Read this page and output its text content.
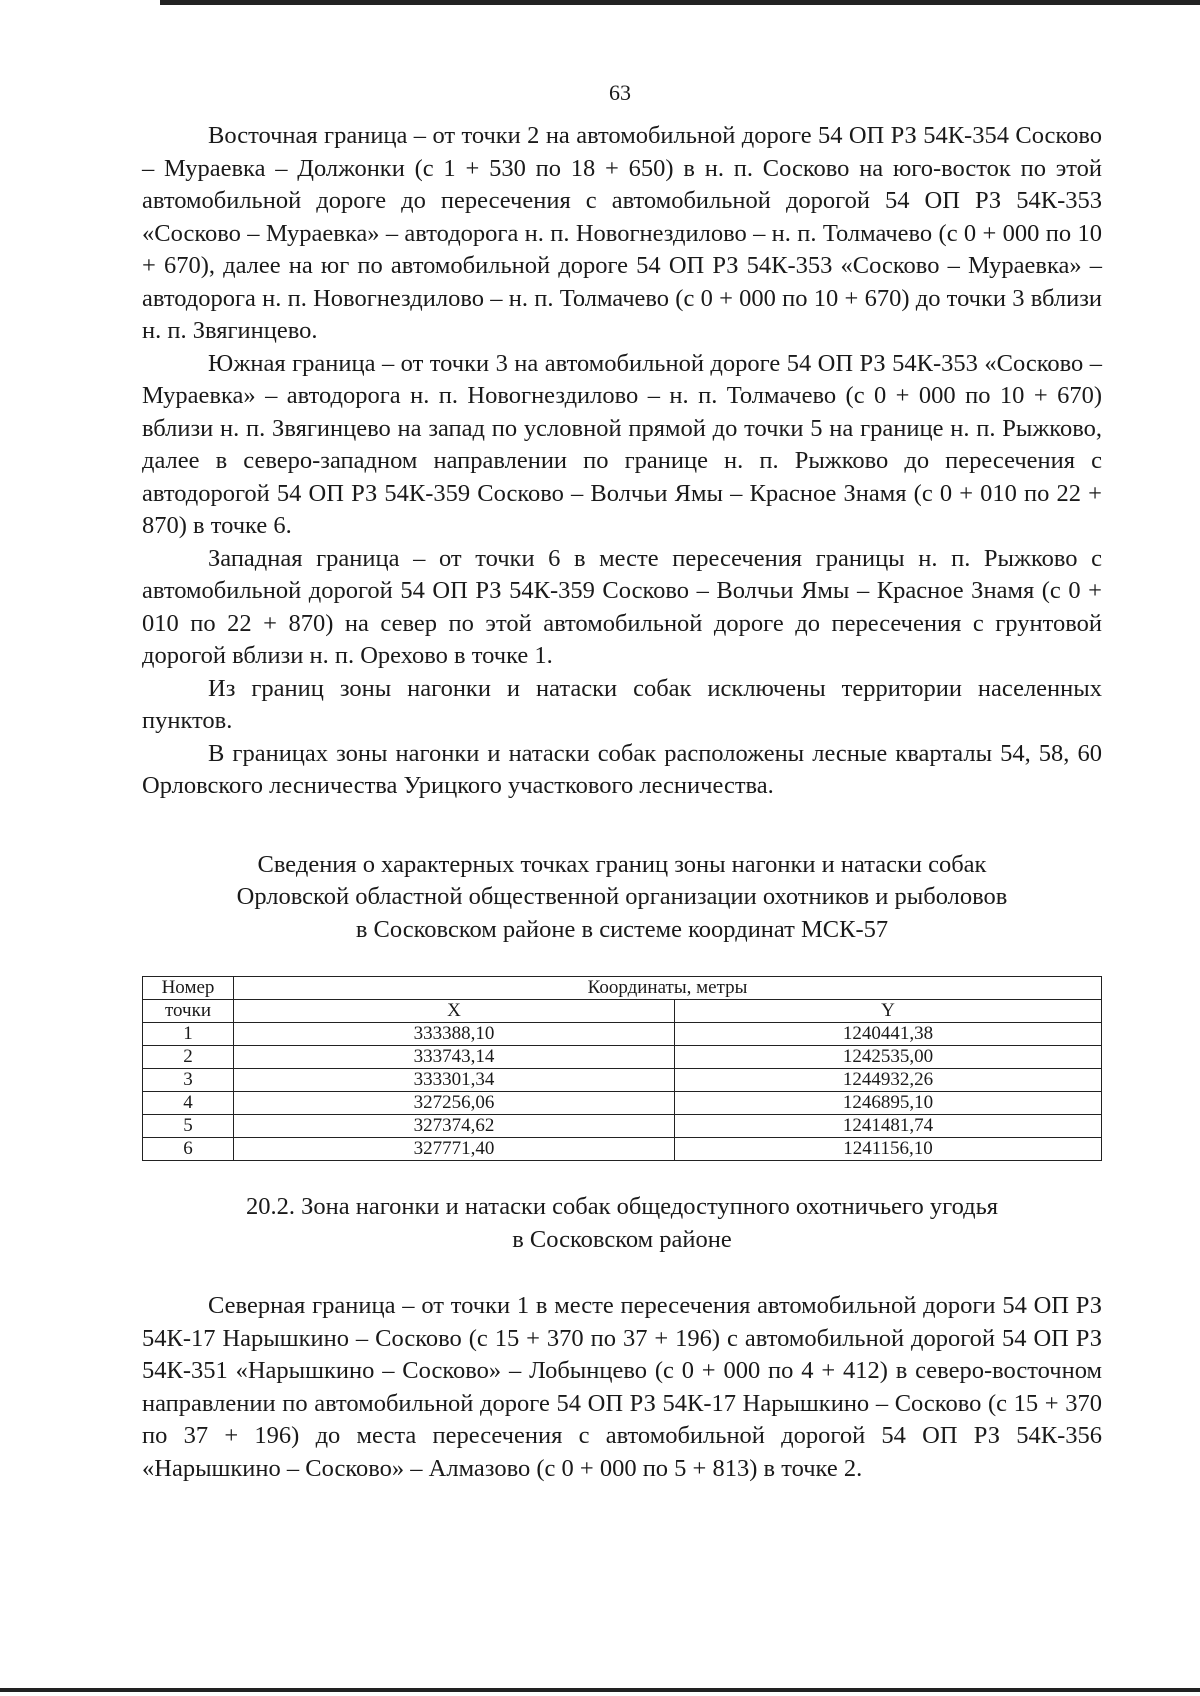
63

Восточная граница – от точки 2 на автомобильной дороге 54 ОП РЗ 54К-354 Сосково – Мураевка – Должонки (с 1 + 530 по 18 + 650) в н. п. Сосково на юго-восток по этой автомобильной дороге до пересечения с автомобильной дорогой 54 ОП РЗ 54К-353 «Сосково – Мураевка» – автодорога н. п. Новогнездилово – н. п. Толмачево (с 0 + 000 по 10 + 670), далее на юг по автомобильной дороге 54 ОП РЗ 54К-353 «Сосково – Мураевка» – автодорога н. п. Новогнездилово – н. п. Толмачево (с 0 + 000 по 10 + 670) до точки 3 вблизи н. п. Звягинцево.

Южная граница – от точки 3 на автомобильной дороге 54 ОП РЗ 54К-353 «Сосково – Мураевка» – автодорога н. п. Новогнездилово – н. п. Толмачево (с 0 + 000 по 10 + 670) вблизи н. п. Звягинцево на запад по условной прямой до точки 5 на границе н. п. Рыжково, далее в северо-западном направлении по границе н. п. Рыжково до пересечения с автодорогой 54 ОП РЗ 54К-359 Сосково – Волчьи Ямы – Красное Знамя (с 0 + 010 по 22 + 870) в точке 6.

Западная граница – от точки 6 в месте пересечения границы н. п. Рыжково с автомобильной дорогой 54 ОП РЗ 54К-359 Сосково – Волчьи Ямы – Красное Знамя (с 0 + 010 по 22 + 870) на север по этой автомобильной дороге до пересечения с грунтовой дорогой вблизи н. п. Орехово в точке 1.

Из границ зоны нагонки и натаски собак исключены территории населенных пунктов.

В границах зоны нагонки и натаски собак расположены лесные кварталы 54, 58, 60 Орловского лесничества Урицкого участкового лесничества.

Сведения о характерных точках границ зоны нагонки и натаски собак
Орловской областной общественной организации охотников и рыболовов
в Сосковском районе в системе координат МСК-57

Номер	Координаты, метры	
точки	X	Y
1	333388,10	1240441,38
2	333743,14	1242535,00
3	333301,34	1244932,26
4	327256,06	1246895,10
5	327374,62	1241481,74
6	327771,40	1241156,10

20.2. Зона нагонки и натаски собак общедоступного охотничьего угодья
в Сосковском районе

Северная граница – от точки 1 в месте пересечения автомобильной дороги 54 ОП РЗ 54К-17 Нарышкино – Сосково (с 15 + 370 по 37 + 196) с автомобильной дорогой 54 ОП РЗ 54К-351 «Нарышкино – Сосково» – Лобынцево (с 0 + 000 по 4 + 412) в северо-восточном направлении по автомобильной дороге 54 ОП РЗ 54К-17 Нарышкино – Сосково (с 15 + 370 по 37 + 196) до места пересечения с автомобильной дорогой 54 ОП РЗ 54К-356 «Нарышкино – Сосково» – Алмазово (с 0 + 000 по 5 + 813) в точке 2.
